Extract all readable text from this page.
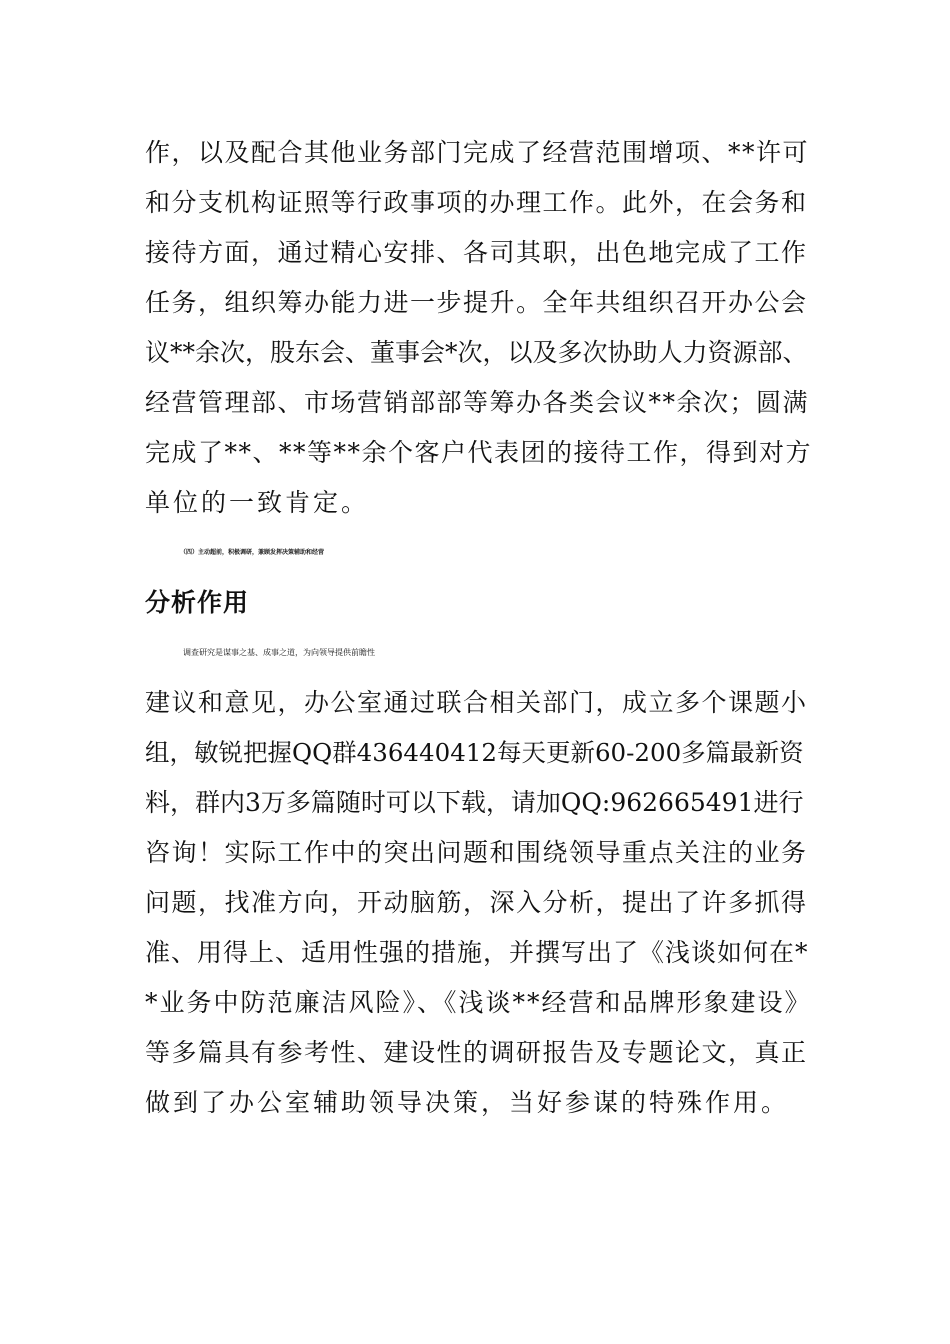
作，以及配合其他业务部门完成了经营范围增项、**许可
和分支机构证照等行政事项的办理工作。此外，在会务和
接待方面，通过精心安排、各司其职，出色地完成了工作
任务，组织筹办能力进一步提升。全年共组织召开办公会
议**余次，股东会、董事会*次，以及多次协助人力资源部、
经营管理部、市场营销部部等筹办各类会议**余次；圆满
完成了**、**等**余个客户代表团的接待工作，得到对方
单位的一致肯定。
（四）主动超前，积极调研，兼顾发挥决策辅助和经营
分析作用
调查研究是谋事之基、成事之道，为向领导提供前瞻性
建议和意见，办公室通过联合相关部门，成立多个课题小
组，敏锐把握QQ群436440412每天更新60-200多篇最新资
料，群内3万多篇随时可以下载，请加QQ:962665491进行
咨询！实际工作中的突出问题和围绕领导重点关注的业务
问题，找准方向，开动脑筋，深入分析，提出了许多抓得
准、用得上、适用性强的措施，并撰写出了《浅谈如何在*
*业务中防范廉洁风险》、《浅谈**经营和品牌形象建设》
等多篇具有参考性、建设性的调研报告及专题论文，真正
做到了办公室辅助领导决策，当好参谋的特殊作用。
